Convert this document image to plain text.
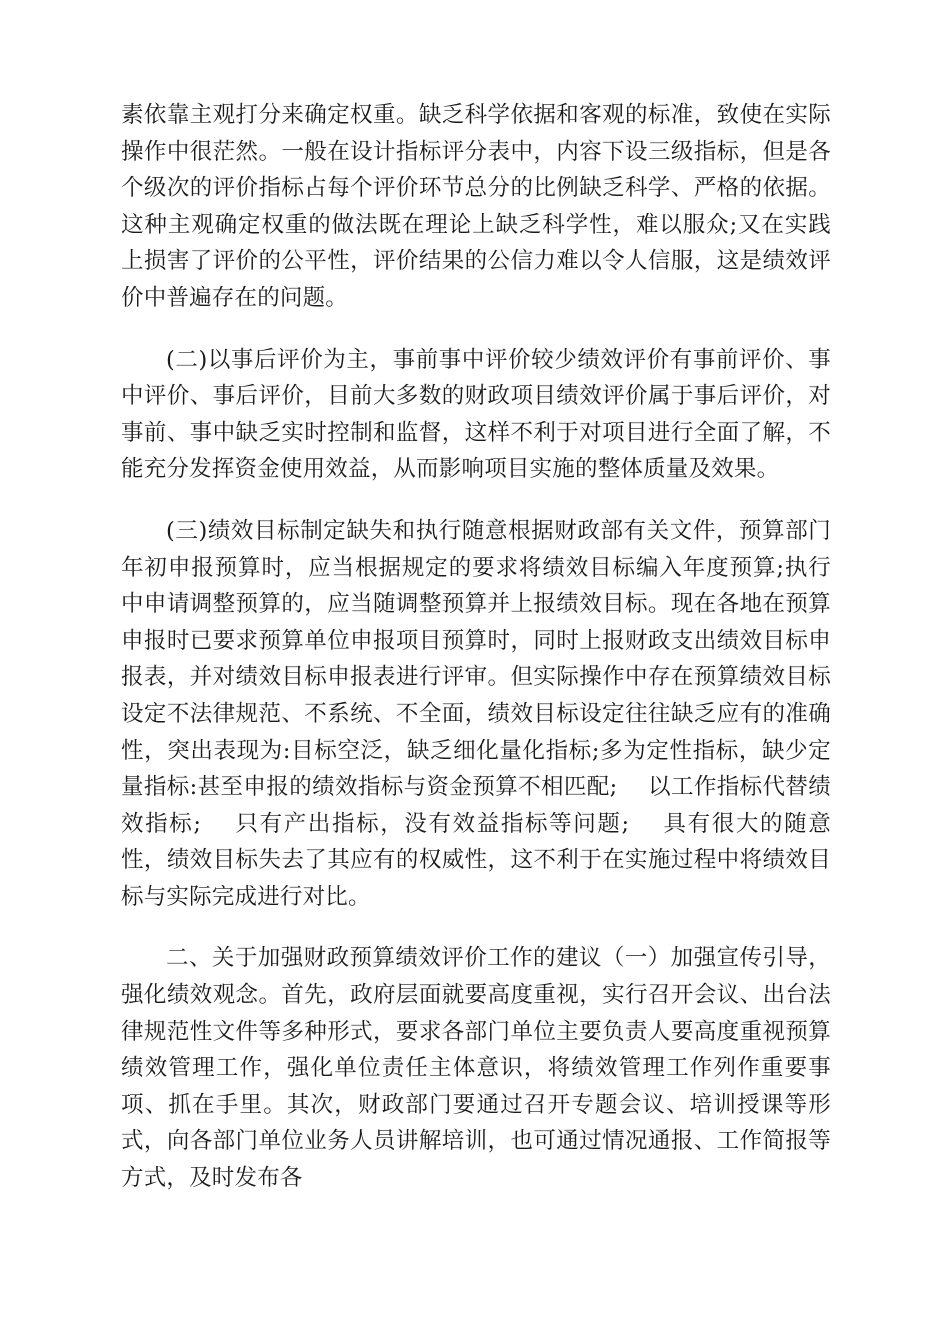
素依靠主观打分来确定权重。缺乏科学依据和客观的标准，致使在实际操作中很茫然。一般在设计指标评分表中，内容下设三级指标，但是各个级次的评价指标占每个评价环节总分的比例缺乏科学、严格的依据。这种主观确定权重的做法既在理论上缺乏科学性，难以服众;又在实践上损害了评价的公平性，评价结果的公信力难以令人信服，这是绩效评价中普遍存在的问题。

(二)以事后评价为主，事前事中评价较少绩效评价有事前评价、事中评价、事后评价，目前大多数的财政项目绩效评价属于事后评价，对事前、事中缺乏实时控制和监督，这样不利于对项目进行全面了解，不能充分发挥资金使用效益，从而影响项目实施的整体质量及效果。

(三)绩效目标制定缺失和执行随意根据财政部有关文件，预算部门年初申报预算时，应当根据规定的要求将绩效目标编入年度预算;执行中申请调整预算的，应当随调整预算并上报绩效目标。现在各地在预算申报时已要求预算单位申报项目预算时，同时上报财政支出绩效目标申报表，并对绩效目标申报表进行评审。但实际操作中存在预算绩效目标设定不法律规范、不系统、不全面，绩效目标设定往往缺乏应有的准确性，突出表现为:目标空泛，缺乏细化量化指标;多为定性指标，缺少定量指标:甚至申报的绩效指标与资金预算不相匹配;　 以工作指标代替绩效指标;　 只有产出指标，没有效益指标等问题;　 具有很大的随意性，绩效目标失去了其应有的权威性，这不利于在实施过程中将绩效目标与实际完成进行对比。

二、关于加强财政预算绩效评价工作的建议（一）加强宣传引导，强化绩效观念。首先，政府层面就要高度重视，实行召开会议、出台法律规范性文件等多种形式，要求各部门单位主要负责人要高度重视预算绩效管理工作，强化单位责任主体意识，将绩效管理工作列作重要事项、抓在手里。其次，财政部门要通过召开专题会议、培训授课等形式，向各部门单位业务人员讲解培训，也可通过情况通报、工作简报等方式，及时发布各
